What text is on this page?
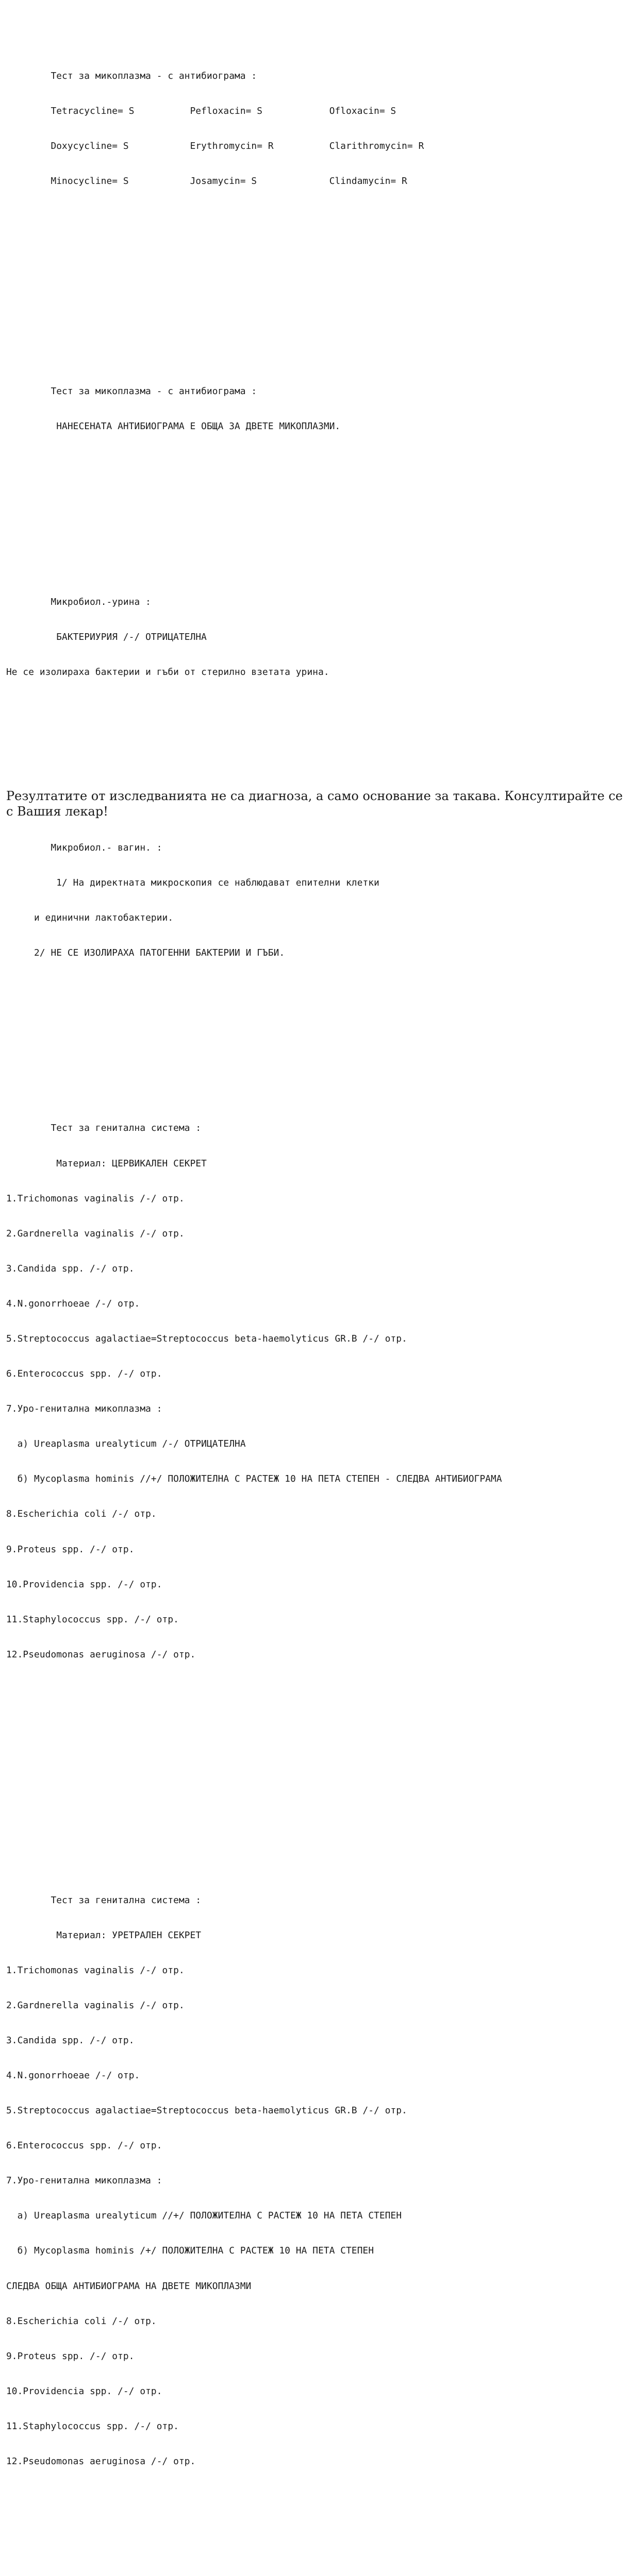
Тест за микоплазма - с антибиограма :

Tetracycline= S          Pefloxacin= S            Ofloxacin= S

Doxycycline= S           Erythromycin= R          Clarithromycin= R

Minocycline= S           Josamycin= S             Clindamycin= R

Тест за микоплазма - с антибиограма :

НАНЕСЕНАТА АНТИБИОГРАМА Е ОБЩА ЗА ДВЕТЕ МИКОПЛАЗМИ.

Микробиол.-урина :

БАКТЕРИУРИЯ /-/ ОТРИЦАТЕЛНА

Не се изолираха бактерии и гъби от стерилно взетата урина.

Микробиол.- вагин. :

1/ На директната микроскопия се наблюдават епителни клетки

и единични лактобактерии.

2/ НЕ СЕ ИЗОЛИРАХА ПАТОГЕННИ БАКТЕРИИ И ГЪБИ.

Тест за генитална система :

Материал: ЦЕРВИКАЛЕН СЕКРЕТ

1.Trichomonas vaginalis /-/ отр.

2.Gardnerella vaginalis /-/ отр.

3.Candida spp. /-/ отр.

4.N.gonorrhoeae /-/ отр.

5.Streptococcus agalactiae=Streptococcus beta-haemolyticus GR.B /-/ отр.

6.Enterococcus spp. /-/ отр.

7.Уро-генитална микоплазма :

а) Ureaplasma urealyticum /-/ ОТРИЦАТЕЛНА

б) Mycoplasma hominis //+/ ПОЛОЖИТЕЛНА С РАСТЕЖ 10 НА ПЕТА СТЕПЕН - СЛЕДВА АНТИБИОГРАМА

8.Escherichia coli /-/ отр.

9.Proteus spp. /-/ отр.

10.Providencia spp. /-/ отр.

11.Staphylococcus spp. /-/ отр.

12.Pseudomonas aeruginosa /-/ отр.

Тест за генитална система :

Материал: УРЕТРАЛЕН СЕКРЕТ

1.Trichomonas vaginalis /-/ отр.

2.Gardnerella vaginalis /-/ отр.

3.Candida spp. /-/ отр.

4.N.gonorrhoeae /-/ отр.

5.Streptococcus agalactiae=Streptococcus beta-haemolyticus GR.B /-/ отр.

6.Enterococcus spp. /-/ отр.

7.Уро-генитална микоплазма :

а) Ureaplasma urealyticum //+/ ПОЛОЖИТЕЛНА С РАСТЕЖ 10 НА ПЕТА СТЕПЕН

б) Mycoplasma hominis /+/ ПОЛОЖИТЕЛНА С РАСТЕЖ 10 НА ПЕТА СТЕПЕН

СЛЕДВА ОБЩА АНТИБИОГРАМА НА ДВЕТЕ МИКОПЛАЗМИ

8.Escherichia coli /-/ отр.

9.Proteus spp. /-/ отр.

10.Providencia spp. /-/ отр.

11.Staphylococcus spp. /-/ отр.

12.Pseudomonas aeruginosa /-/ отр.

Резултатите от изследванията не са диагноза, а само основание за такава. Консултирайте се с Вашия лекар!
